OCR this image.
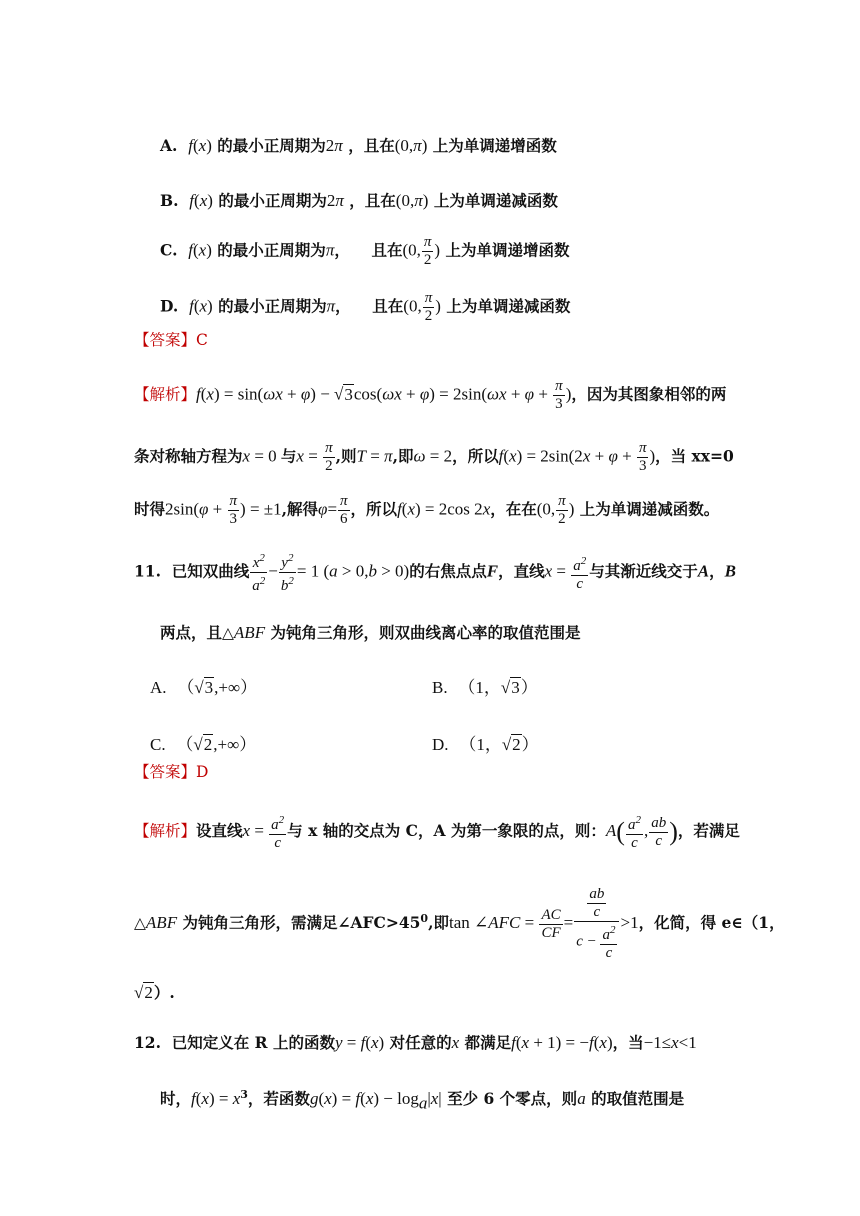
A. f(x) 的最小正周期为2π ，且在(0,π) 上为单调递增函数
B. f(x) 的最小正周期为2π ，且在(0,π) 上为单调递减函数
C. f(x) 的最小正周期为π， 且在(0, $\frac{\pi}{2}$ ) 上为单调递增函数
D. f(x) 的最小正周期为π， 且在(0, $\frac{\pi}{2}$ ) 上为单调递减函数
【答案】C
【解析】$f(x) = \sin(\omega x + \varphi) - √3\cos(\omega x + \varphi) = 2\sin(\omega x + \varphi + \frac{\pi}{3}$ )，因为其图象相邻的两
条对称轴方程为x = 0 与$x = \frac{\pi}{2}$ ,则T = π,即ω = 2，所以$f(x) = 2\sin(2x + \varphi + \frac{\pi}{3}$ )，当 xx=0
时得$2\sin(\varphi + \frac{\pi}{3}$ ) = ±1,解得$\varphi= \frac{\pi}{6}$ ，所以f(x) = 2cos 2x，在在(0, $\frac{\pi}{2}$ ) 上为单调递减函数。
11. 已知双曲线 $\frac{x^2}{a^2} - \frac{y^2}{b^2} = 1$ (a > 0,b > 0)的右焦点点F，直线$x = \frac{a^2}{c}$ 与其渐近线交于A，B
两点，且△ABF 为钝角三角形，则双曲线离心率的取值范围是
A. （√3,+∞）	B. （1，√3）
C. （√2,+∞）	D. （1，√2）
【答案】D
【解析】设直线$x = \frac{a^2}{c}$ 与 x 轴的交点为 C，A 为第一象限的点，则：$A( \frac{a^2}{c}$ , $\frac{ab}{c}$ )，若满足
△ABF 为钝角三角形，需满足$\angle AFC>45^0$,即tan ∠AFC = $\frac{AC}{CF} = \frac{\frac{ab}{c}}{c - \frac{a^2}{c}} >1$，化简，得 e∈（1，
√2）.
12. 已知定义在 R 上的函数y = f(x) 对任意的x 都满足f(x + 1) = −f(x)，当−1≤x<1
时，$f(x) = x^3$，若函数$g(x) = f(x) - \log_a|x|$ 至少 6 个零点，则a 的取值范围是
